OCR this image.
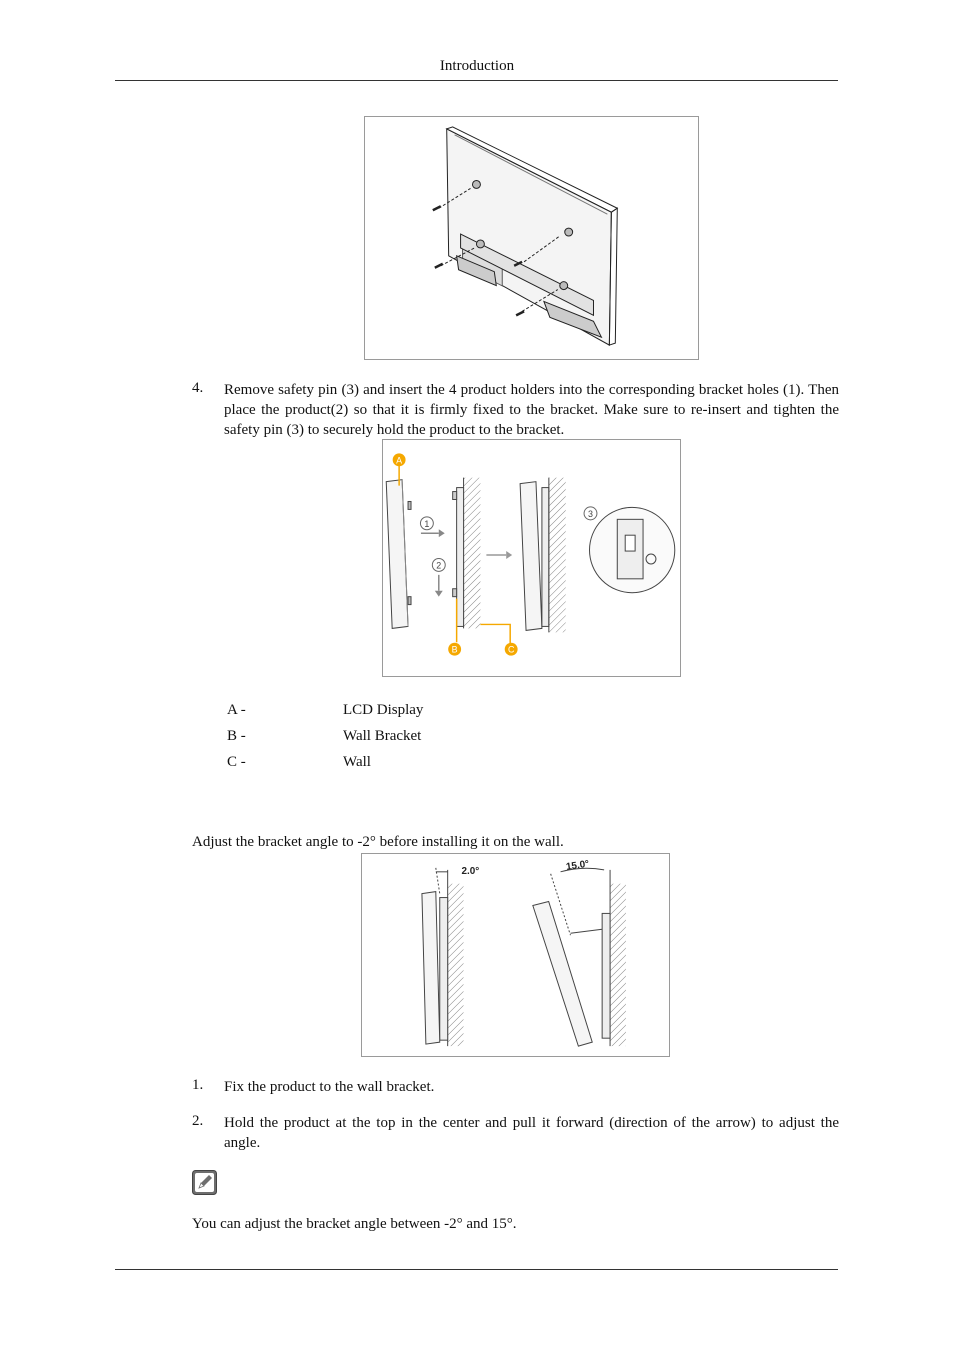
Introduction
4. Remove safety pin (3) and insert the 4 product holders into the corresponding bracket holes (1). Then place the product(2) so that it is firmly fixed to the bracket. Make sure to re-insert and tighten the safety pin (3) to securely hold the product to the bracket.
A
B	C
1
2
3
A -	LCD Display
B -	Wall Bracket
C -	Wall
Adjust the bracket angle to -2° before installing it on the wall.
2.0°	15.0°
1. Fix the product to the wall bracket.
2. Hold the product at the top in the center and pull it forward (direction of the arrow) to adjust the angle.
You can adjust the bracket angle between -2° and 15°.
